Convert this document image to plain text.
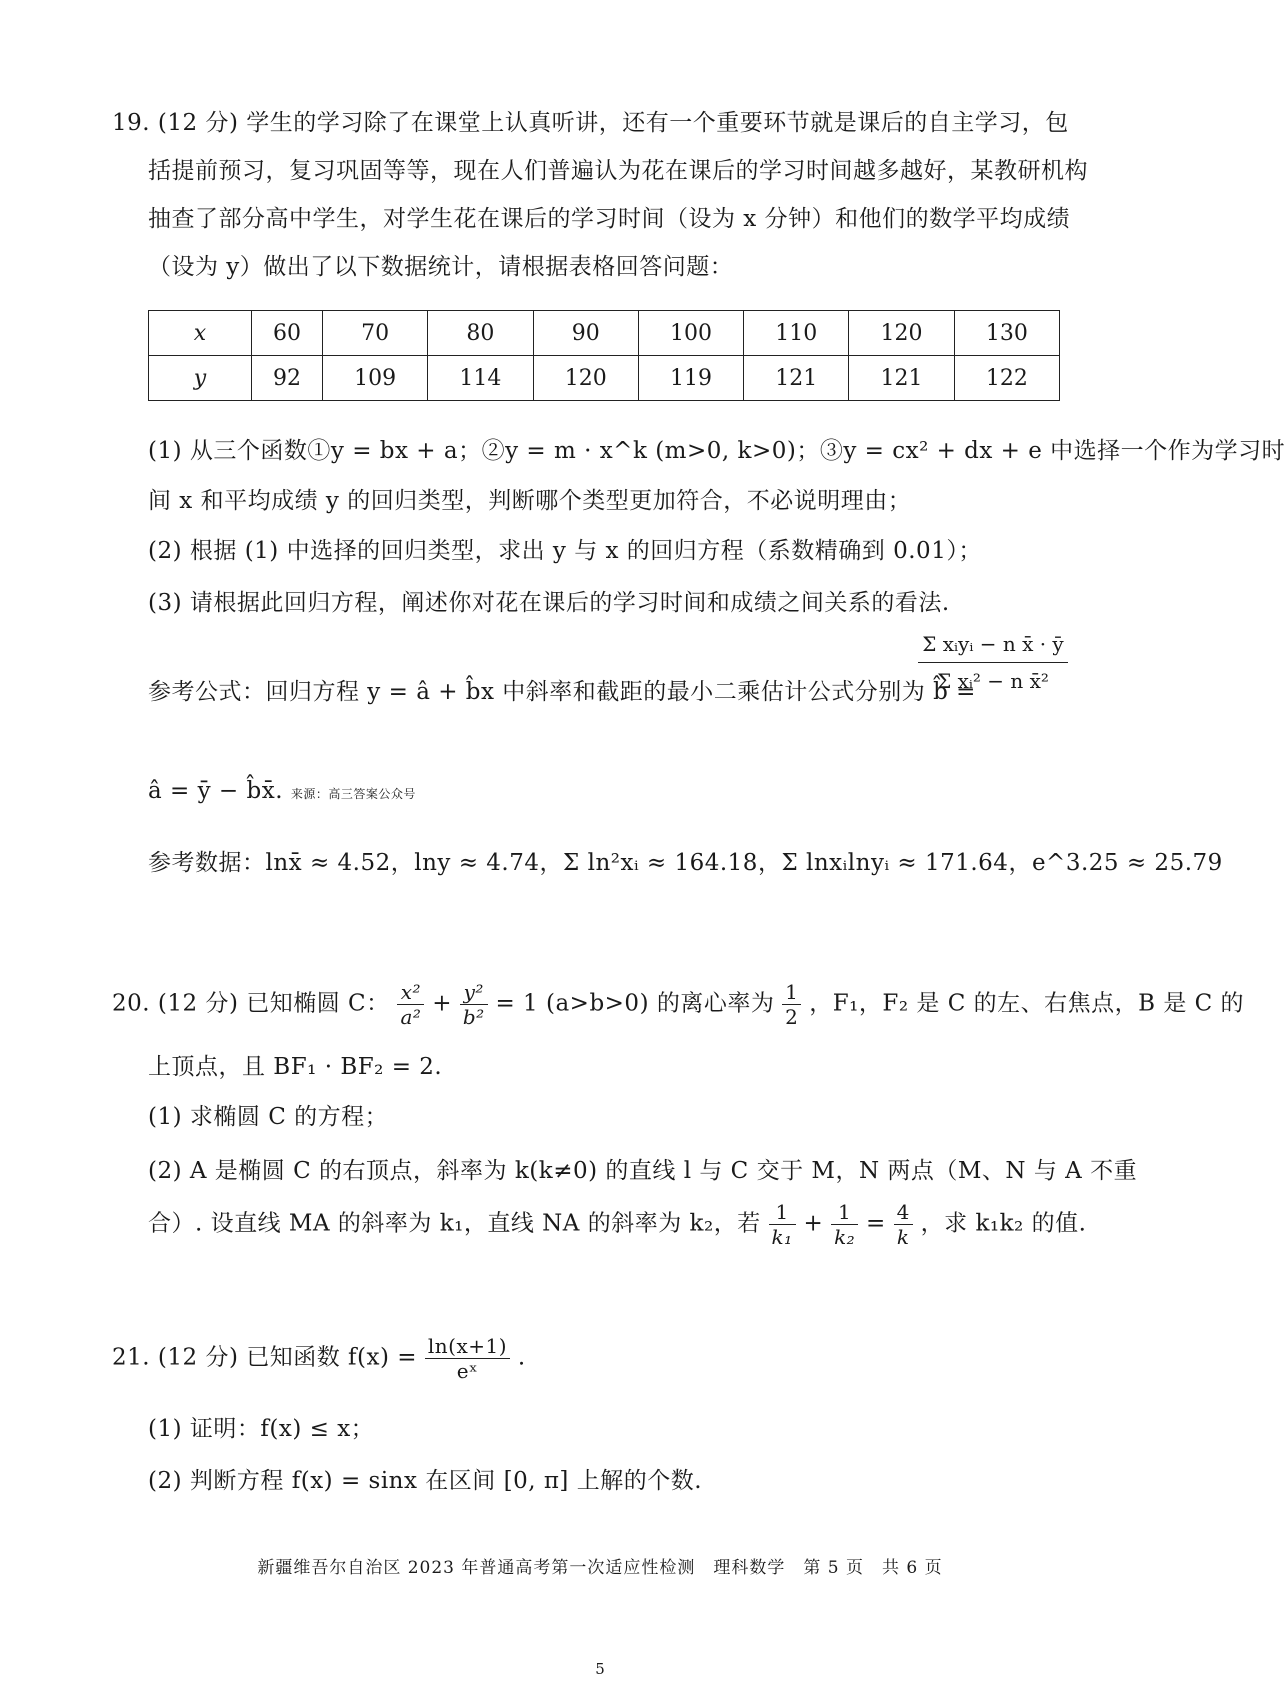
19. (12 分) 学生的学习除了在课堂上认真听讲，还有一个重要环节就是课后的自主学习，包
括提前预习，复习巩固等等，现在人们普遍认为花在课后的学习时间越多越好，某教研机构
抽查了部分高中学生，对学生花在课后的学习时间（设为 x 分钟）和他们的数学平均成绩
（设为 y）做出了以下数据统计，请根据表格回答问题：
x	60	70	80	90	100	110	120	130
y	92	109	114	120	119	121	121	122
(1) 从三个函数①y = bx + a；②y = m · x^k (m>0, k>0)；③y = cx² + dx + e 中选择一个作为学习时
间 x 和平均成绩 y 的回归类型，判断哪个类型更加符合，不必说明理由；
(2) 根据 (1) 中选择的回归类型，求出 y 与 x 的回归方程（系数精确到 0.01）；
(3) 请根据此回归方程，阐述你对花在课后的学习时间和成绩之间关系的看法.
参考公式：回归方程 y = â + b̂x 中斜率和截距的最小二乘估计公式分别为 b̂ =
Σ xᵢyᵢ − n x̄ · ȳ
Σ xᵢ² − n x̄²
â = ȳ − b̂x̄. 来源：高三答案公众号
参考数据：lnx̄ ≈ 4.52，lny ≈ 4.74，Σ ln²xᵢ ≈ 164.18，Σ lnxᵢlnyᵢ ≈ 171.64，e^3.25 ≈ 25.79
20. (12 分) 已知椭圆 C： $\frac{\text{x²}}{\text{a²}} + \frac{\text{y²}}{\text{b²}} = 1$ (a>b>0) 的离心率为 $\frac{1}{2}$ ，F₁，F₂ 是 C 的左、右焦点，B 是 C 的
上顶点，且 BF₁ · BF₂ = 2.
(1) 求椭圆 C 的方程；
(2) A 是椭圆 C 的右顶点，斜率为 k(k≠0) 的直线 l 与 C 交于 M，N 两点（M、N 与 A 不重
合）. 设直线 MA 的斜率为 k₁，直线 NA 的斜率为 k₂，若 $\frac{1}{\text{k₁}} + \frac{1}{\text{k₂}} = \frac{4}{k}$ ，求 k₁k₂ 的值.
21. (12 分) 已知函数 $f(x) = \frac{\ln(x+1)}{\text{eˣ}}$ .
(1) 证明：f(x) ≤ x；
(2) 判断方程 f(x) = sinx 在区间 [0, π] 上解的个数.
新疆维吾尔自治区 2023 年普通高考第一次适应性检测　理科数学　第 5 页　共 6 页
5
